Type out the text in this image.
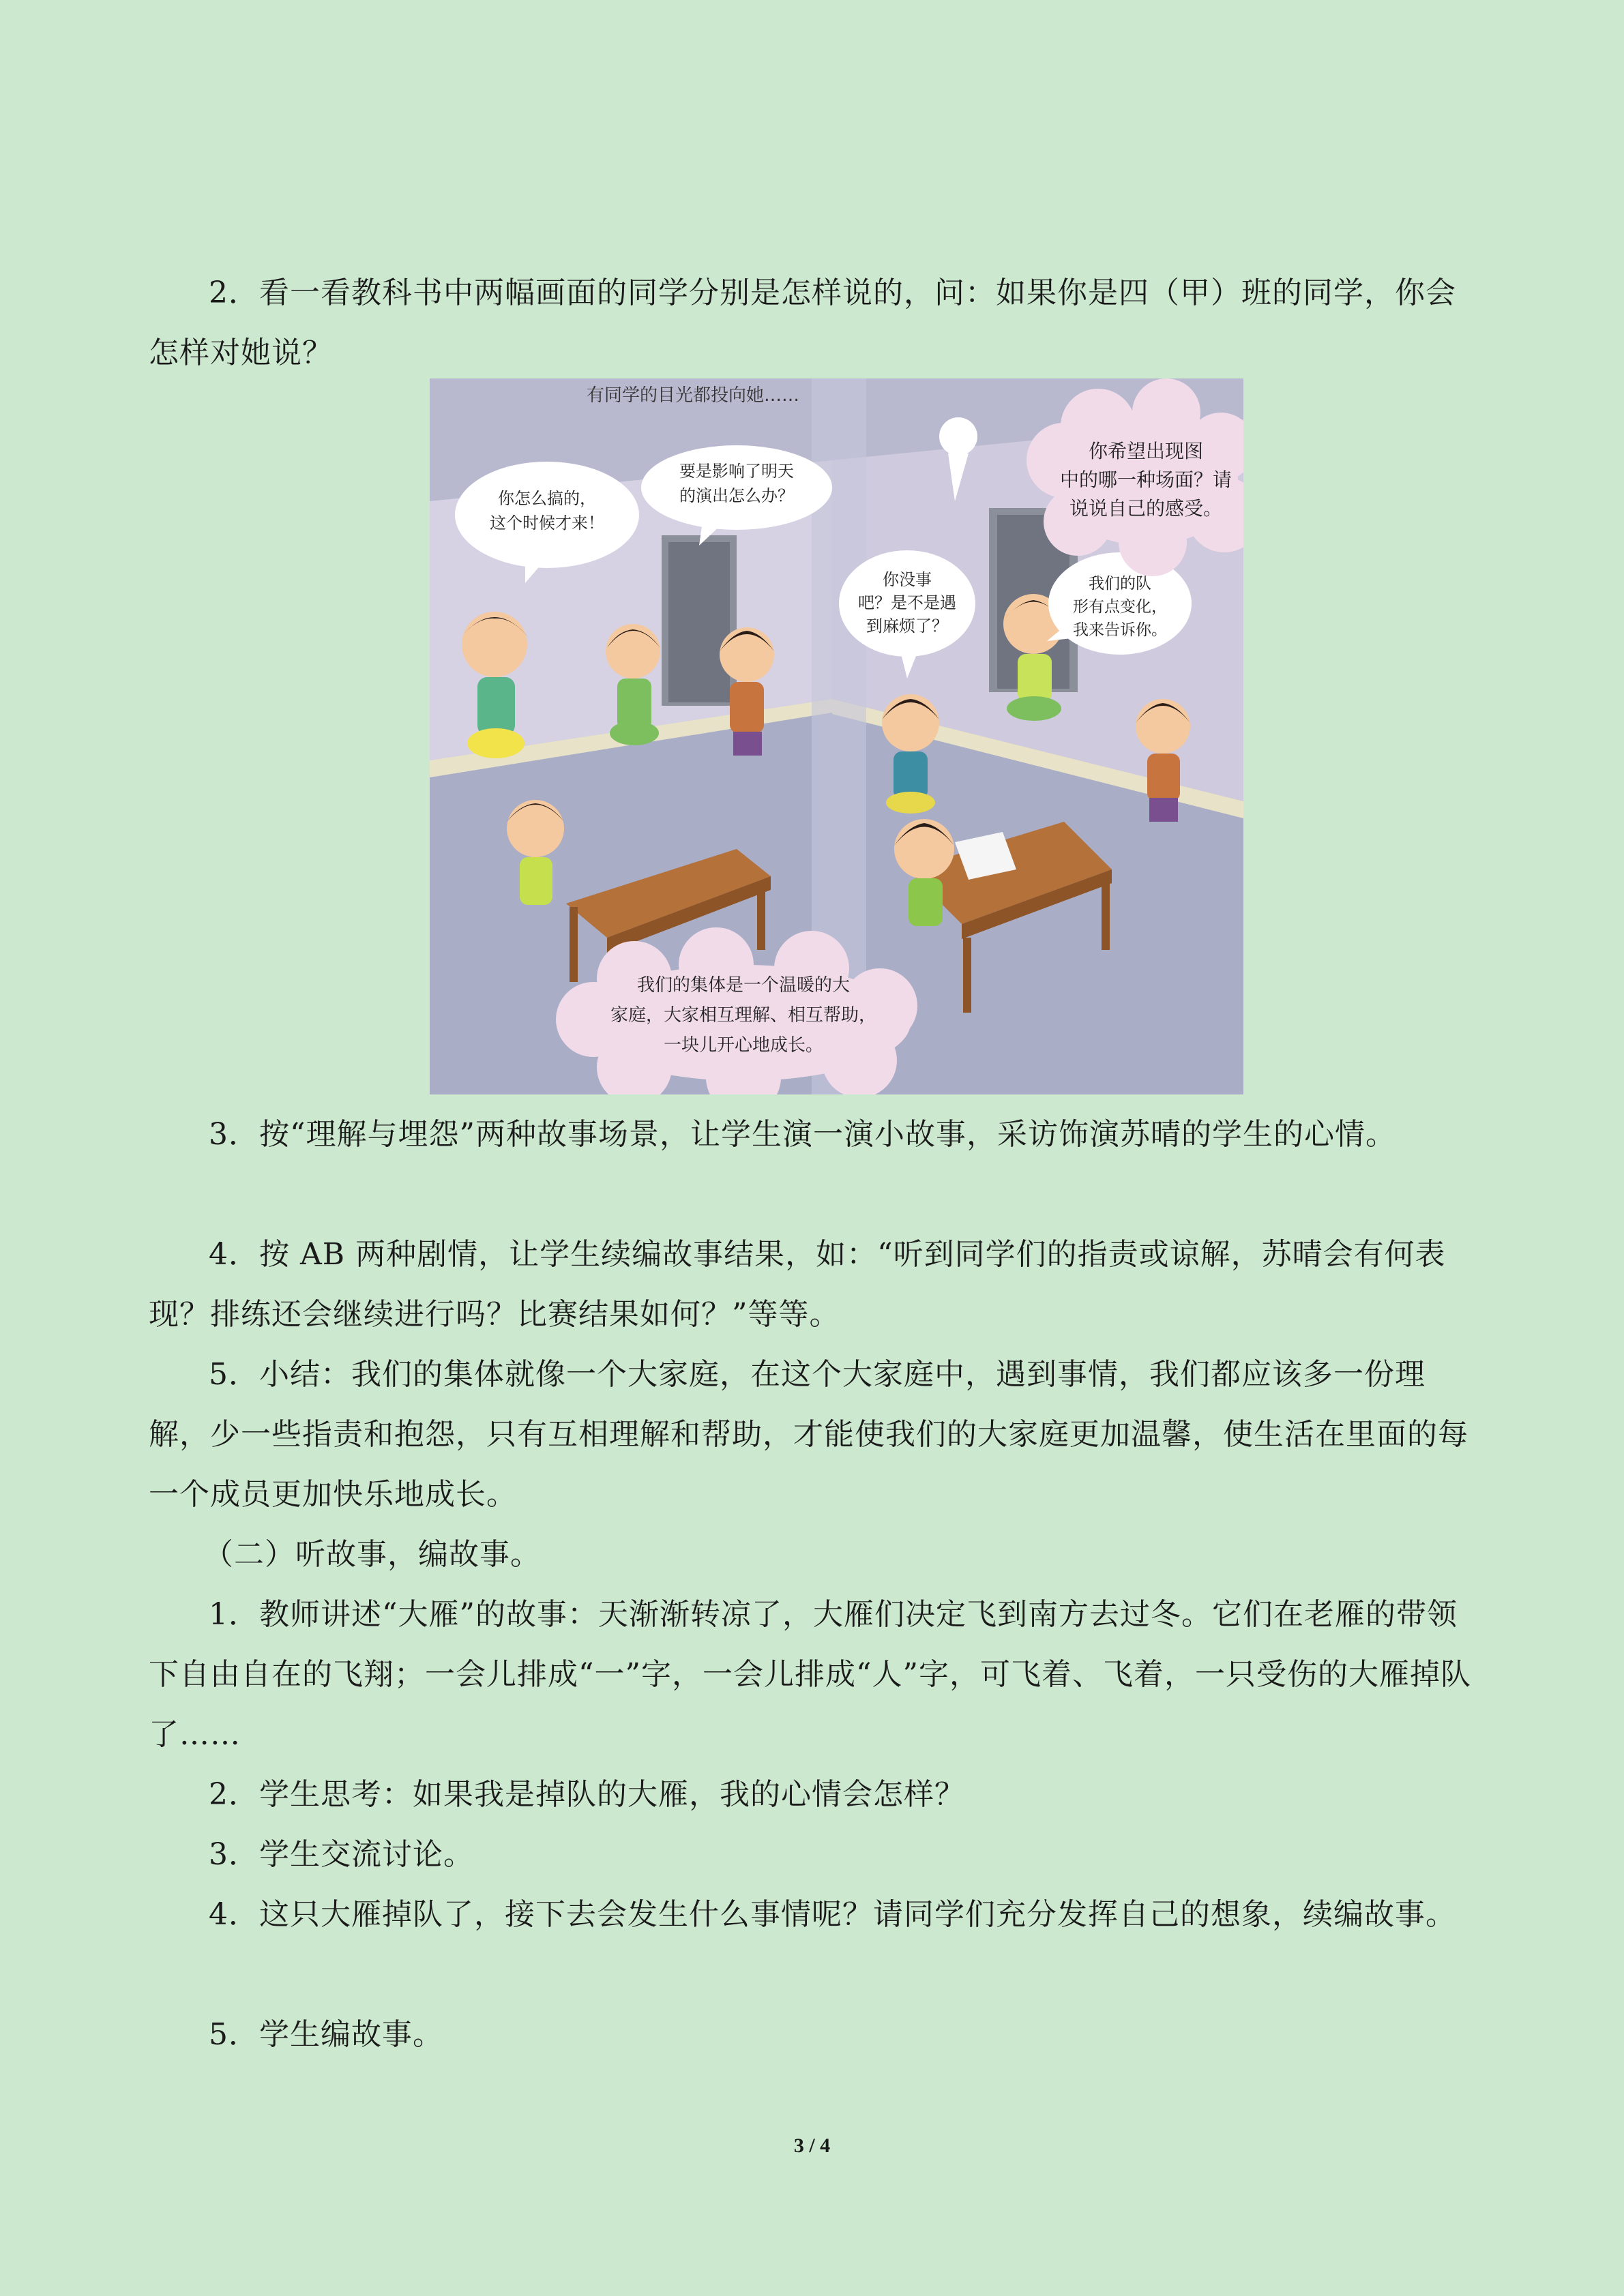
2．看一看教科书中两幅画面的同学分别是怎样说的，问：如果你是四（甲）班的同学，你会怎样对她说？

有同学的目光都投向她……
你怎么搞的，
这个时候才来！
要是影响了明天
的演出怎么办？
你没事
吧？是不是遇
到麻烦了？
我们的队
形有点变化，
我来告诉你。
你希望出现图
中的哪一种场面？请
说说自己的感受。
我们的集体是一个温暖的大
家庭，大家相互理解、相互帮助，
一块儿开心地成长。

3．按“理解与埋怨”两种故事场景，让学生演一演小故事，采访饰演苏晴的学生的心情。

4．按 AB 两种剧情，让学生续编故事结果，如：“听到同学们的指责或谅解，苏晴会有何表现？排练还会继续进行吗？比赛结果如何？”等等。

5．小结：我们的集体就像一个大家庭，在这个大家庭中，遇到事情，我们都应该多一份理解，少一些指责和抱怨，只有互相理解和帮助，才能使我们的大家庭更加温馨，使生活在里面的每一个成员更加快乐地成长。

（二）听故事，编故事。

1．教师讲述“大雁”的故事：天渐渐转凉了，大雁们决定飞到南方去过冬。它们在老雁的带领下自由自在的飞翔；一会儿排成“一”字，一会儿排成“人”字，可飞着、飞着，一只受伤的大雁掉队了……

2．学生思考：如果我是掉队的大雁，我的心情会怎样？

3．学生交流讨论。

4．这只大雁掉队了，接下去会发生什么事情呢？请同学们充分发挥自己的想象，续编故事。

5．学生编故事。

3 / 4
